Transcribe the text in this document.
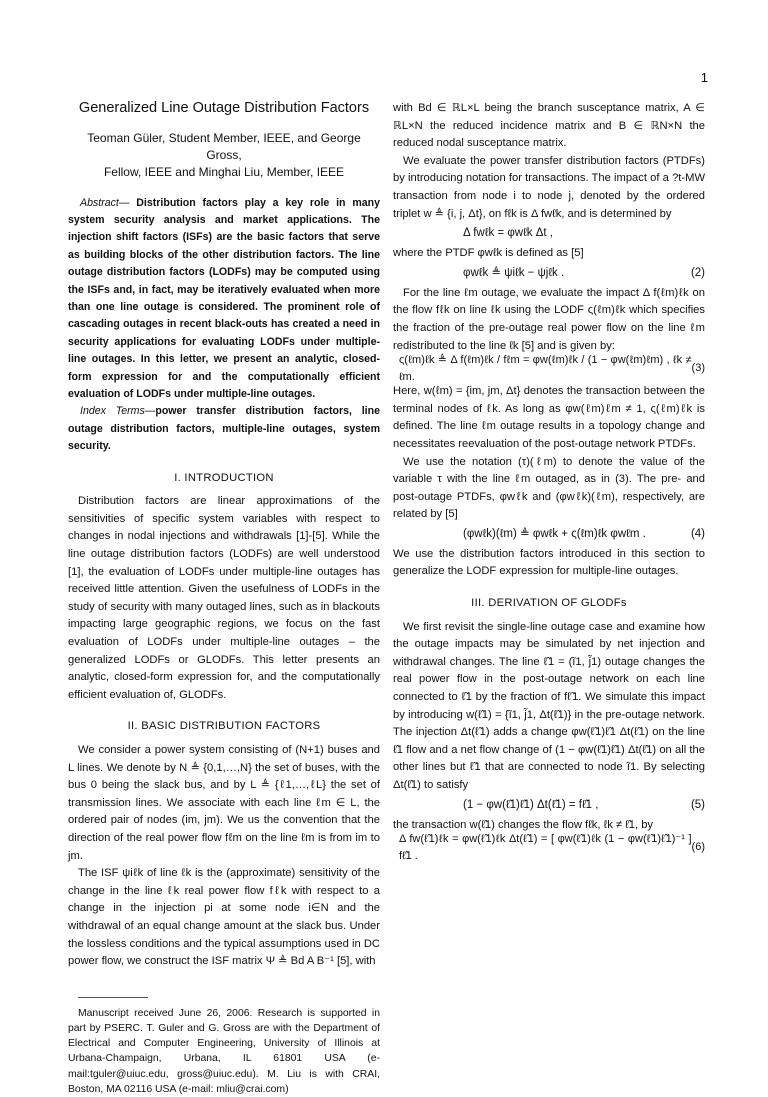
1
Generalized Line Outage Distribution Factors
Teoman Güler, Student Member, IEEE, and George Gross,
Fellow, IEEE and Minghai Liu, Member, IEEE

Abstract— Distribution factors play a key role in many system security analysis and market applications. The injection shift factors (ISFs) are the basic factors that serve as building blocks of the other distribution factors. The line outage distribution factors (LODFs) may be computed using the ISFs and, in fact, may be iteratively evaluated when more than one line outage is considered. The prominent role of cascading outages in recent black-outs has created a need in security applications for evaluating LODFs under multiple-line outages. In this letter, we present an analytic, closed-form expression for and the computationally efficient evaluation of LODFs under multiple-line outages.

Index Terms—power transfer distribution factors, line outage distribution factors, multiple-line outages, system security.

I. INTRODUCTION

Distribution factors are linear approximations of the sensitivities of specific system variables with respect to changes in nodal injections and withdrawals [1]-[5]. While the line outage distribution factors (LODFs) are well understood [1], the evaluation of LODFs under multiple-line outages has received little attention. Given the usefulness of LODFs in the study of security with many outaged lines, such as in blackouts impacting large geographic regions, we focus on the fast evaluation of LODFs under multiple-line outages – the generalized LODFs or GLODFs. This letter presents an analytic, closed-form expression for, and the computationally efficient evaluation of, GLODFs.

II. BASIC DISTRIBUTION FACTORS

We consider a power system consisting of (N+1) buses and L lines. We denote by N ≜ {0,1,…,N} the set of buses, with the bus 0 being the slack bus, and by L ≜ {ℓ1,…,ℓL} the set of transmission lines. We associate with each line ℓm ∈ L, the ordered pair of nodes (im, jm). We us the convention that the direction of the real power flow fℓm on the line ℓm is from im to jm.

The ISF ψiℓk of line ℓk is the (approximate) sensitivity of the change in the line ℓk real power flow fℓk with respect to a change in the injection pi at some node i∈N and the withdrawal of an equal change amount at the slack bus. Under the lossless conditions and the typical assumptions used in DC power flow, we construct the ISF matrix Ψ ≜ Bd A B⁻¹ [5], with

Manuscript received June 26, 2006. Research is supported in part by PSERC. T. Guler and G. Gross are with the Department of Electrical and Computer Engineering, University of Illinois at Urbana-Champaign, Urbana, IL 61801 USA (e-mail:tguler@uiuc.edu, gross@uiuc.edu). M. Liu is with CRAI, Boston, MA 02116 USA (e-mail: mliu@crai.com)

with Bd ∈ ℝL×L being the branch susceptance matrix, A ∈ ℝL×N the reduced incidence matrix and B ∈ ℝN×N the reduced nodal susceptance matrix.

We evaluate the power transfer distribution factors (PTDFs) by introducing notation for transactions. The impact of a ?t-MW transaction from node i to node j, denoted by the ordered triplet w ≜ {i, j, Δt}, on fℓk is Δ fwℓk, and is determined by

Δ fwℓk = φwℓk Δt ,

where the PTDF φwℓk is defined as [5]

φwℓk ≜ ψiℓk − ψjℓk .	(2)

For the line ℓm outage, we evaluate the impact Δ f(ℓm)ℓk on the flow fℓk on line ℓk using the LODF ς(ℓm)ℓk which specifies the fraction of the pre-outage real power flow on the line ℓm redistributed to the line ℓk [5] and is given by:

ς(ℓm)ℓk ≜ Δ f(ℓm)ℓk / fℓm = φw(ℓm)ℓk / (1 − φw(ℓm)ℓm) , ℓk ≠ ℓm.
(3)

Here, w(ℓm) = {im, jm, Δt} denotes the transaction between the terminal nodes of ℓk. As long as φw(ℓm)ℓm ≠ 1, ς(ℓm)ℓk is defined. The line ℓm outage results in a topology change and necessitates reevaluation of the post-outage network PTDFs.

We use the notation (τ)(ℓm) to denote the value of the variable τ with the line ℓm outaged, as in (3). The pre- and post-outage PTDFs, φwℓk and (φwℓk)(ℓm), respectively, are related by [5]

(φwℓk)(ℓm) ≜ φwℓk + ς(ℓm)ℓk φwℓm .	(4)

We use the distribution factors introduced in this section to generalize the LODF expression for multiple-line outages.

III. DERIVATION OF GLODFs

We first revisit the single-line outage case and examine how the outage impacts may be simulated by net injection and withdrawal changes. The line ℓ̃1 = (ĩ1, j̃1) outage changes the real power flow in the post-outage network on each line connected to ℓ̃1 by the fraction of fℓ̃1. We simulate this impact by introducing w(ℓ̃1) = {ĩ1, j̃1, Δt(ℓ̃1)} in the pre-outage network. The injection Δt(ℓ̃1) adds a change φw(ℓ̃1)ℓ̃1 Δt(ℓ̃1) on the line ℓ̃1 flow and a net flow change of (1 − φw(ℓ̃1)ℓ̃1) Δt(ℓ̃1) on all the other lines but ℓ̃1 that are connected to node ĩ1. By selecting Δt(ℓ̃1) to satisfy

(1 − φw(ℓ̃1)ℓ̃1) Δt(ℓ̃1) = fℓ̃1 ,	(5)

the transaction w(ℓ̃1) changes the flow fℓk, ℓk ≠ ℓ̃1, by

Δ fw(ℓ̃1)ℓk = φw(ℓ̃1)ℓk Δt(ℓ̃1) = [ φw(ℓ̃1)ℓk (1 − φw(ℓ̃1)ℓ̃1)⁻¹ ] fℓ̃1 .
(6)
